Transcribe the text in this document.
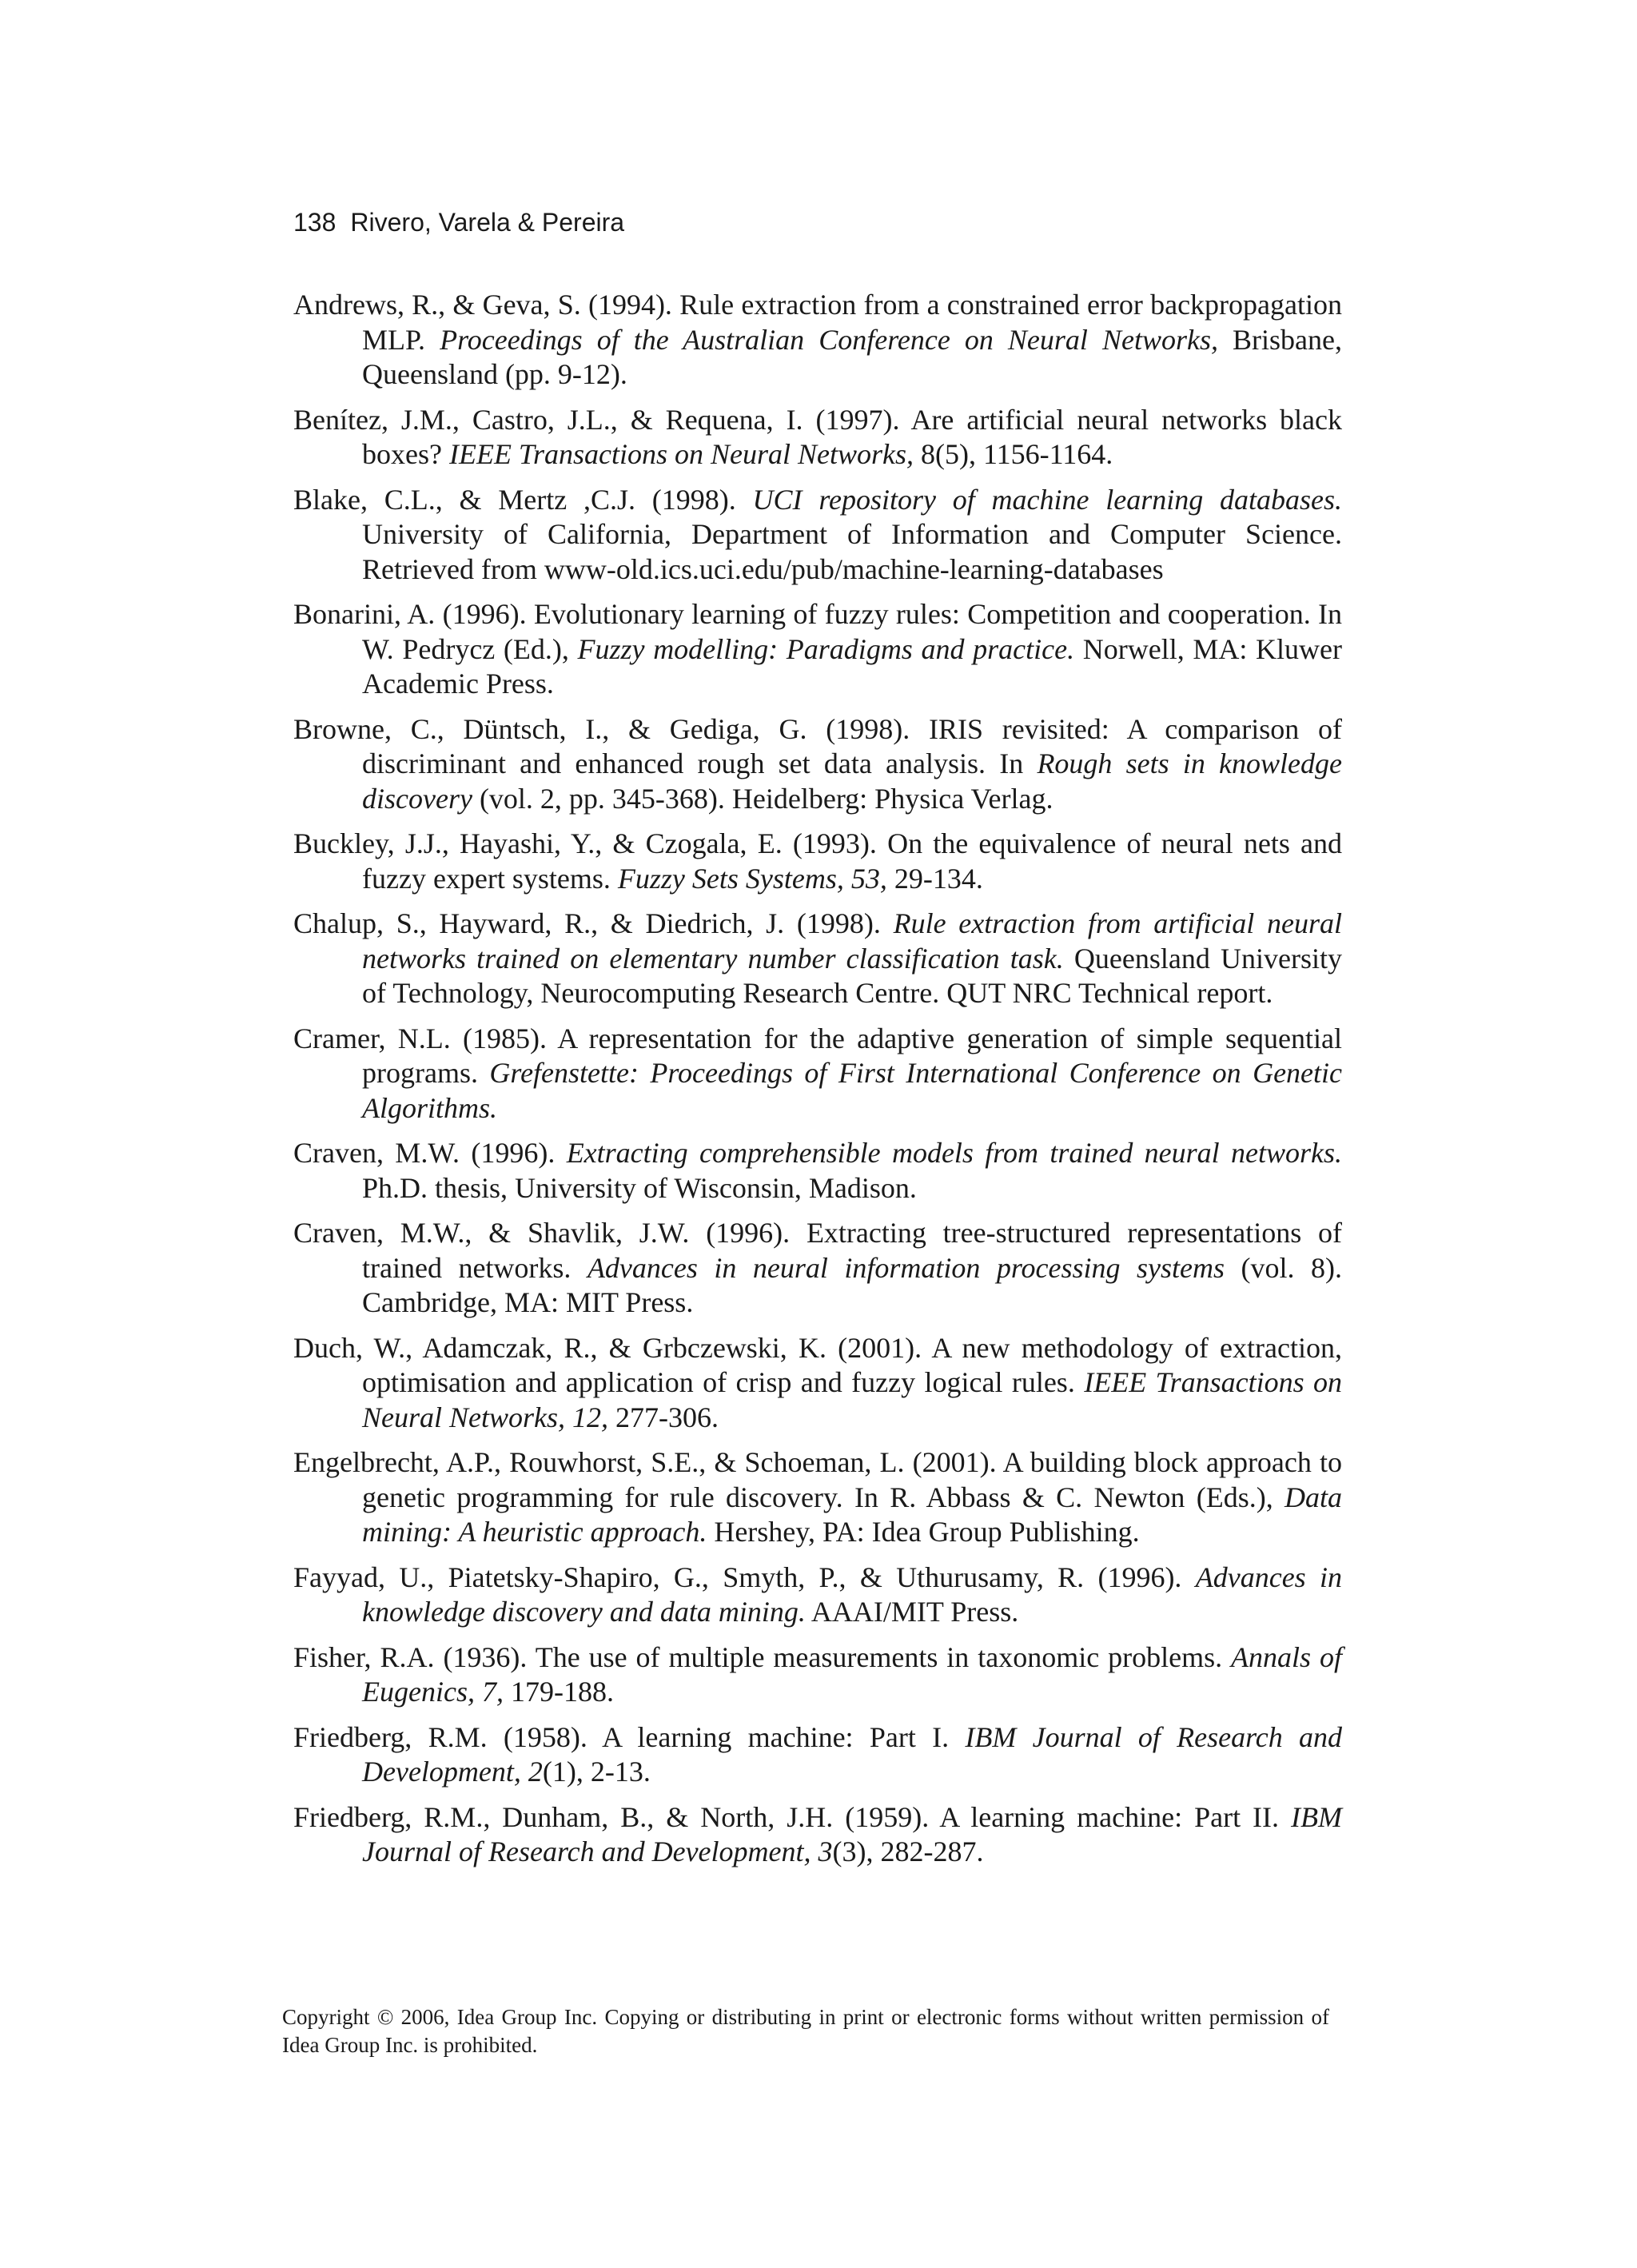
138 Rivero, Varela & Pereira

Andrews, R., & Geva, S. (1994). Rule extraction from a constrained error backpropagation MLP. Proceedings of the Australian Conference on Neural Networks, Brisbane, Queensland (pp. 9-12).

Benítez, J.M., Castro, J.L., & Requena, I. (1997). Are artificial neural networks black boxes? IEEE Transactions on Neural Networks, 8(5), 1156-1164.

Blake, C.L., & Mertz ,C.J. (1998). UCI repository of machine learning databases. University of California, Department of Information and Computer Science. Retrieved from www-old.ics.uci.edu/pub/machine-learning-databases

Bonarini, A. (1996). Evolutionary learning of fuzzy rules: Competition and cooperation. In W. Pedrycz (Ed.), Fuzzy modelling: Paradigms and practice. Norwell, MA: Kluwer Academic Press.

Browne, C., Düntsch, I., & Gediga, G. (1998). IRIS revisited: A comparison of discriminant and enhanced rough set data analysis. In Rough sets in knowledge discovery (vol. 2, pp. 345-368). Heidelberg: Physica Verlag.

Buckley, J.J., Hayashi, Y., & Czogala, E. (1993). On the equivalence of neural nets and fuzzy expert systems. Fuzzy Sets Systems, 53, 29-134.

Chalup, S., Hayward, R., & Diedrich, J. (1998). Rule extraction from artificial neural networks trained on elementary number classification task. Queensland University of Technology, Neurocomputing Research Centre. QUT NRC Technical report.

Cramer, N.L. (1985). A representation for the adaptive generation of simple sequential programs. Grefenstette: Proceedings of First International Conference on Genetic Algorithms.

Craven, M.W. (1996). Extracting comprehensible models from trained neural networks. Ph.D. thesis, University of Wisconsin, Madison.

Craven, M.W., & Shavlik, J.W. (1996). Extracting tree-structured representations of trained networks. Advances in neural information processing systems (vol. 8). Cambridge, MA: MIT Press.

Duch, W., Adamczak, R., & Grbczewski, K. (2001). A new methodology of extraction, optimisation and application of crisp and fuzzy logical rules. IEEE Transactions on Neural Networks, 12, 277-306.

Engelbrecht, A.P., Rouwhorst, S.E., & Schoeman, L. (2001). A building block approach to genetic programming for rule discovery. In R. Abbass & C. Newton (Eds.), Data mining: A heuristic approach. Hershey, PA: Idea Group Publishing.

Fayyad, U., Piatetsky-Shapiro, G., Smyth, P., & Uthurusamy, R. (1996). Advances in knowledge discovery and data mining. AAAI/MIT Press.

Fisher, R.A. (1936). The use of multiple measurements in taxonomic problems. Annals of Eugenics, 7, 179-188.

Friedberg, R.M. (1958). A learning machine: Part I. IBM Journal of Research and Development, 2(1), 2-13.

Friedberg, R.M., Dunham, B., & North, J.H. (1959). A learning machine: Part II. IBM Journal of Research and Development, 3(3), 282-287.

Copyright © 2006, Idea Group Inc. Copying or distributing in print or electronic forms without written permission of Idea Group Inc. is prohibited.
